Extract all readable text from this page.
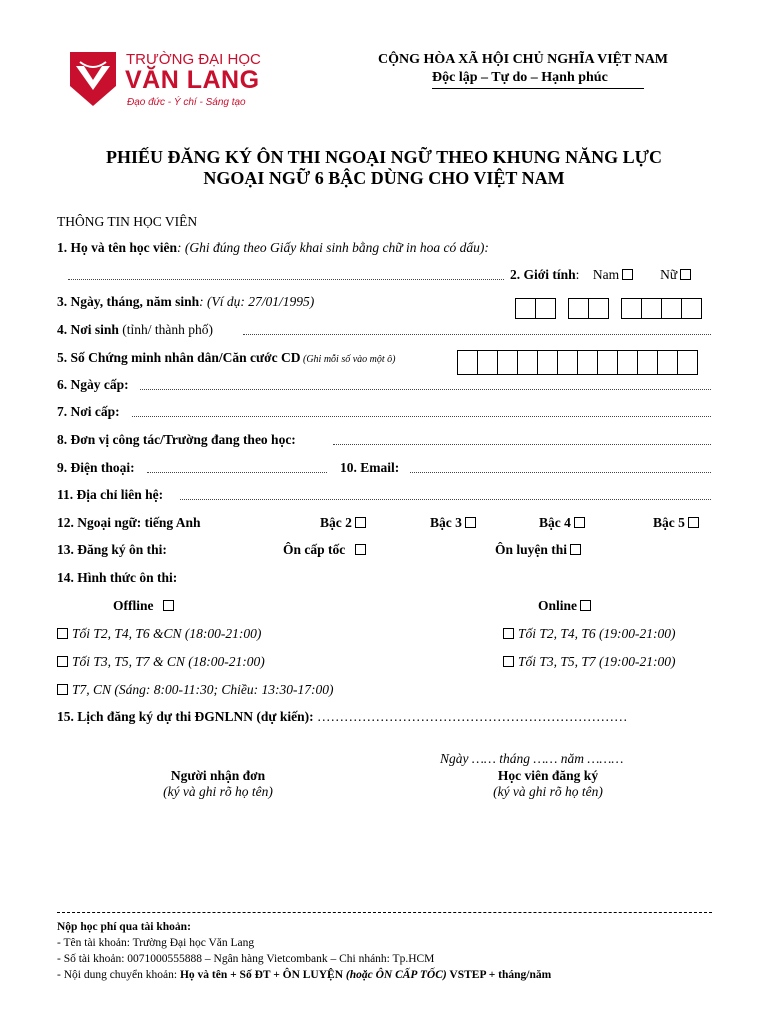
TRƯỜNG ĐẠI HỌC
VĂN LANG
Đạo đức - Ý chí - Sáng tạo
CỘNG HÒA XÃ HỘI CHỦ NGHĨA VIỆT NAM
Độc lập – Tự do – Hạnh phúc
PHIẾU ĐĂNG KÝ ÔN THI NGOẠI NGỮ THEO KHUNG NĂNG LỰC
NGOẠI NGỮ 6 BẬC DÙNG CHO VIỆT NAM
THÔNG TIN HỌC VIÊN
1. Họ và tên học viên: (Ghi đúng theo Giấy khai sinh bằng chữ in hoa có dấu):
2. Giới tính:    Nam	Nữ
3. Ngày, tháng, năm sinh: (Ví dụ: 27/01/1995)
4. Nơi sinh (tỉnh/ thành phố)
5. Số Chứng minh nhân dân/Căn cước CD (Ghi mỗi số vào một ô)
6. Ngày cấp:
7. Nơi cấp:
8. Đơn vị công tác/Trường đang theo học:
9. Điện thoại:	10. Email:
11. Địa chỉ liên hệ:
12. Ngoại ngữ: tiếng Anh	Bậc 2	Bậc 3	Bậc 4	Bậc 5
13. Đăng ký ôn thi:	Ôn cấp tốc	Ôn luyện thi
14. Hình thức ôn thi:
Offline	Online
Tối T2, T4, T6 &CN (18:00-21:00)	Tối T2, T4, T6 (19:00-21:00)
Tối T3, T5, T7 & CN (18:00-21:00)	Tối T3, T5, T7 (19:00-21:00)
T7, CN (Sáng: 8:00-11:30; Chiều: 13:30-17:00)
15. Lịch đăng ký dự thi ĐGNLNN (dự kiến): ……………………………………………………………
Ngày …… tháng …… năm ………
Người nhận đơn
(ký và ghi rõ họ tên)
Học viên đăng ký
(ký và ghi rõ họ tên)
Nộp học phí qua tài khoản:
- Tên tài khoản: Trường Đại học Văn Lang
- Số tài khoản: 0071000555888 – Ngân hàng Vietcombank – Chi nhánh: Tp.HCM
- Nội dung chuyển khoản: Họ và tên + Số ĐT + ÔN LUYỆN (hoặc ÔN CẤP TỐC) VSTEP + tháng/năm
